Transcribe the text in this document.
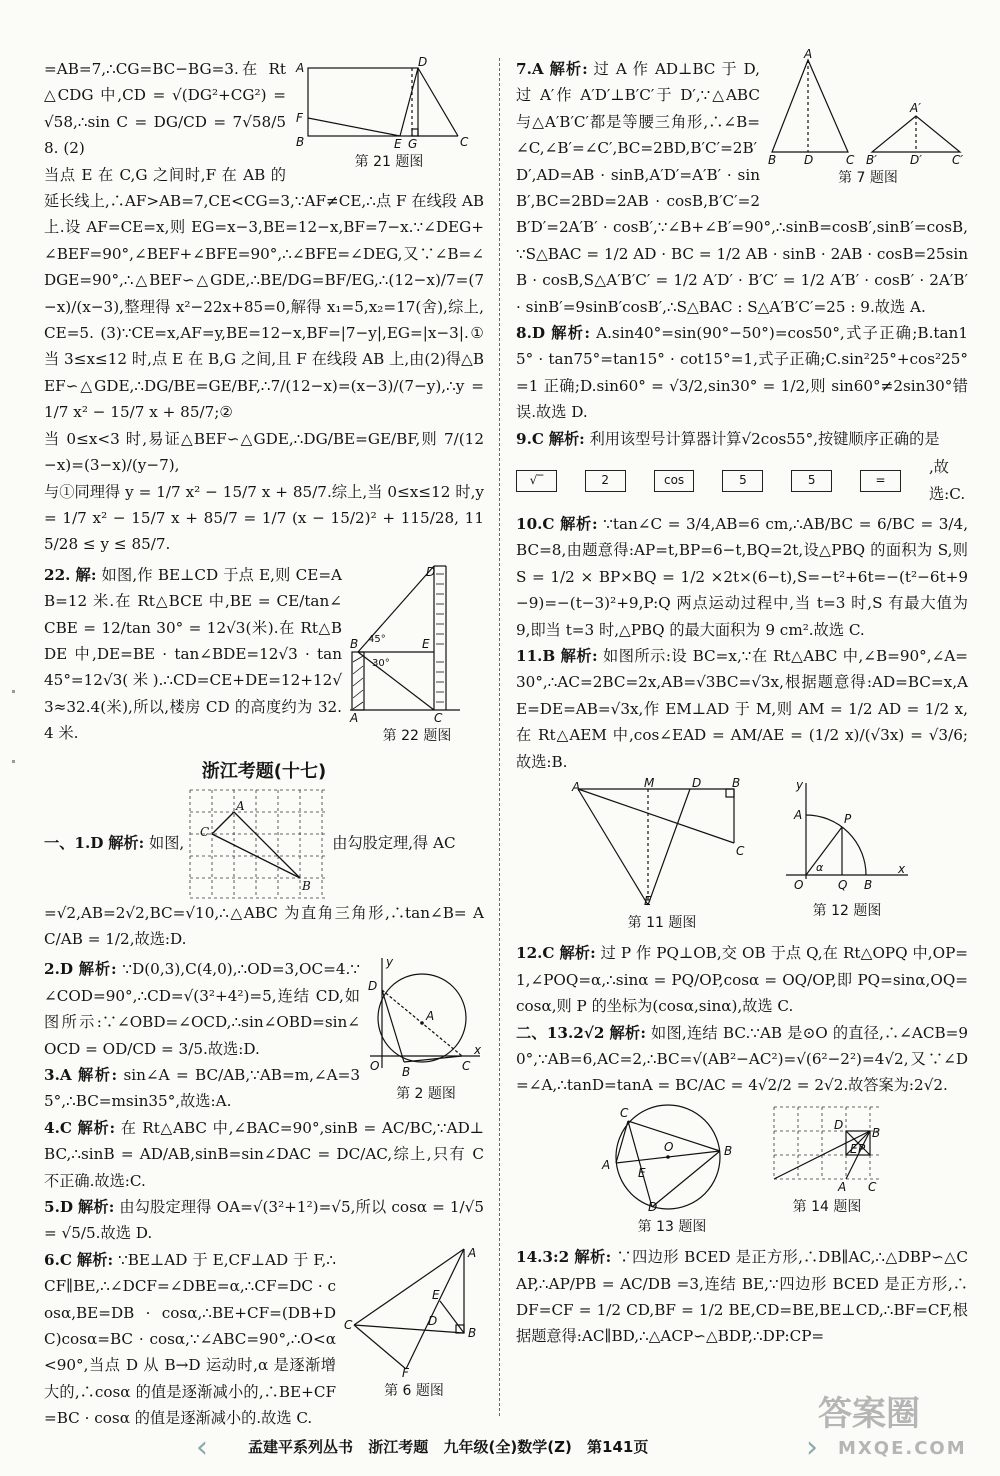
A	D
F
B	E G	C
第 21 题图

=AB=7,∴CG=BC−BG=3.在 Rt△CDG 中,CD = √(DG²+CG²) = √58,∴sin C = DG/CD = 7√58/58. (2)

当点 E 在 C,G 之间时,F 在 AB 的延长线上,∴AF>AB=7,CE<CG=3,∵AF≠CE,∴点 F 在线段 AB 上.设 AF=CE=x,则 EG=x−3,BE=12−x,BF=7−x.∵∠DEG+∠BEF=90°,∠BEF+∠BFE=90°,∴∠BFE=∠DEG,又∵∠B=∠DGE=90°,∴△BEF∽△GDE,∴BE/DG=BF/EG,∴(12−x)/7=(7−x)/(x−3),整理得 x²−22x+85=0,解得 x₁=5,x₂=17(舍),综上,CE=5. (3)∵CE=x,AF=y,BE=12−x,BF=|7−y|,EG=|x−3|.①当 3≤x≤12 时,点 E 在 B,G 之间,且 F 在线段 AB 上,由(2)得△BEF∽△GDE,∴DG/BE=GE/BF,∴7/(12−x)=(x−3)/(7−y),∴y = 1/7 x² − 15/7 x + 85/7;②

当 0≤x<3 时,易证△BEF∽△GDE,∴DG/BE=GE/BF,则 7/(12−x)=(3−x)/(y−7),

与①同理得 y = 1/7 x² − 15/7 x + 85/7.综上,当 0≤x≤12 时,y = 1/7 x² − 15/7 x + 85/7 = 1/7 (x − 15/2)² + 115/28, 115/28 ≤ y ≤ 85/7.

D
B	E
A	C
45°
30°
第 22 题图

22. 解: 如图,作 BE⊥CD 于点 E,则 CE=AB=12 米.在 Rt△BCE 中,BE = CE/tan∠CBE = 12/tan 30° = 12√3(米).在 Rt△BDE 中,DE=BE · tan∠BDE=12√3 · tan 45°=12√3(米).∴CD=CE+DE=12+12√3≈32.4(米),所以,楼房 CD 的高度约为 32.4 米.

浙江考题(十七)
一、1.D 解析: 如图,
A
C
B
由勾股定理,得 AC

=√2,AB=2√2,BC=√10,∴△ABC 为直角三角形,∴tan∠B= AC/AB = 1/2,故选:D.

y
D
A
O	C
x
B
第 2 题图

2.D 解析: ∵D(0,3),C(4,0),∴OD=3,OC=4.∵∠COD=90°,∴CD=√(3²+4²)=5,连结 CD,如图所示:∵∠OBD=∠OCD,∴sin∠OBD=sin∠OCD = OD/CD = 3/5.故选:D.

3.A 解析: sin∠A = BC/AB,∵AB=m,∠A=35°,∴BC=msin35°,故选:A.

4.C 解析: 在 Rt△ABC 中,∠BAC=90°,sinB = AC/BC,∵AD⊥BC,∴sinB = AD/AB,sinB=sin∠DAC = DC/AC,综上,只有 C 不正确.故选:C.

5.D 解析: 由勾股定理得 OA=√(3²+1²)=√5,所以 cosα = 1/√5 = √5/5.故选 D.

A
E
C	D
B
F
第 6 题图

6.C 解析: ∵BE⊥AD 于 E,CF⊥AD 于 F,∴CF∥BE,∴∠DCF=∠DBE=α,∴CF=DC · cosα,BE=DB · cosα,∴BE+CF=(DB+DC)cosα=BC · cosα,∵∠ABC=90°,∴O<α<90°,当点 D 从 B→D 运动时,α 是逐渐增大的,∴cosα 的值是逐渐减小的,∴BE+CF=BC · cosα 的值是逐渐减小的.故选 C.

A
B D	C
A′
B′	D′	C′
第 7 题图

7.A 解析: 过 A 作 AD⊥BC 于 D,过 A′作 A′D′⊥B′C′于 D′,∵△ABC 与△A′B′C′都是等腰三角形,∴∠B=∠C,∠B′=∠C′,BC=2BD,B′C′=2B′D′,AD=AB · sinB,A′D′=A′B′ · sinB′,BC=2BD=2AB · cosB,B′C′=2B′D′=2A′B′ · cosB′,∵∠B+∠B′=90°,∴sinB=cosB′,sinB′=cosB,∵S△BAC = 1/2 AD · BC = 1/2 AB · sinB · 2AB · cosB=25sinB · cosB,S△A′B′C′ = 1/2 A′D′ · B′C′ = 1/2 A′B′ · cosB′ · 2A′B′ · sinB′=9sinB′cosB′,∴S△BAC : S△A′B′C′=25 : 9.故选 A.

8.D 解析: A.sin40°=sin(90°−50°)=cos50°,式子正确;B.tan15° · tan75°=tan15° · cot15°=1,式子正确;C.sin²25°+cos²25°=1 正确;D.sin60° = √3/2,sin30° = 1/2,则 sin60°≠2sin30°错误.故选 D.

9.C 解析: 利用该型号计算器计算√2cos55°,按键顺序正确的是

√‾	2	cos	5	5	=
,故选:C.

10.C 解析: ∵tan∠C = 3/4,AB=6 cm,∴AB/BC = 6/BC = 3/4,BC=8,由题意得:AP=t,BP=6−t,BQ=2t,设△PBQ 的面积为 S,则 S = 1/2 × BP×BQ = 1/2 ×2t×(6−t),S=−t²+6t=−(t²−6t+9−9)=−(t−3)²+9,P:Q 两点运动过程中,当 t=3 时,S 有最大值为 9,即当 t=3 时,△PBQ 的最大面积为 9 cm².故选 C.

11.B 解析: 如图所示:设 BC=x,∵在 Rt△ABC 中,∠B=90°,∠A=30°,∴AC=2BC=2x,AB=√3BC=√3x,根据题意得:AD=BC=x,AE=DE=AB=√3x,作 EM⊥AD 于 M,则 AM = 1/2 AD = 1/2 x,在 Rt△AEM 中,cos∠EAD = AM/AE = (1/2 x)/(√3x) = √3/6;故选:B.

A	M	D	B
C
E
第 11 题图
y
A	P
O	Q B
x
α
第 12 题图

12.C 解析: 过 P 作 PQ⊥OB,交 OB 于点 Q,在 Rt△OPQ 中,OP=1,∠POQ=α,∴sinα = PQ/OP,cosα = OQ/OP,即 PQ=sinα,OQ=cosα,则 P 的坐标为(cosα,sinα),故选 C.

二、13.2√2 解析: 如图,连结 BC.∵AB 是⊙O 的直径,∴∠ACB=90°,∵AB=6,AC=2,∴BC=√(AB²−AC²)=√(6²−2²)=4√2,又∵∠D=∠A,∴tanD=tanA = BC/AC = 4√2/2 = 2√2.故答案为:2√2.

C
O	B
A
E
D
第 13 题图
D
B
E
A C
P
第 14 题图

14.3:2 解析: ∵四边形 BCED 是正方形,∴DB∥AC,∴△DBP∽△CAP,∴AP/PB = AC/DB =3,连结 BE,∵四边形 BCED 是正方形,∴DF=CF = 1/2 CD,BF = 1/2 BE,CD=BE,BE⊥CD,∴BF=CF,根据题意得:AC∥BD,∴△ACP∽△BDP,∴DP:CP=

‹	孟建平系列丛书 浙江考题 九年级(全)数学(Z) 第141页	›
答案圈
MXQE.COM
